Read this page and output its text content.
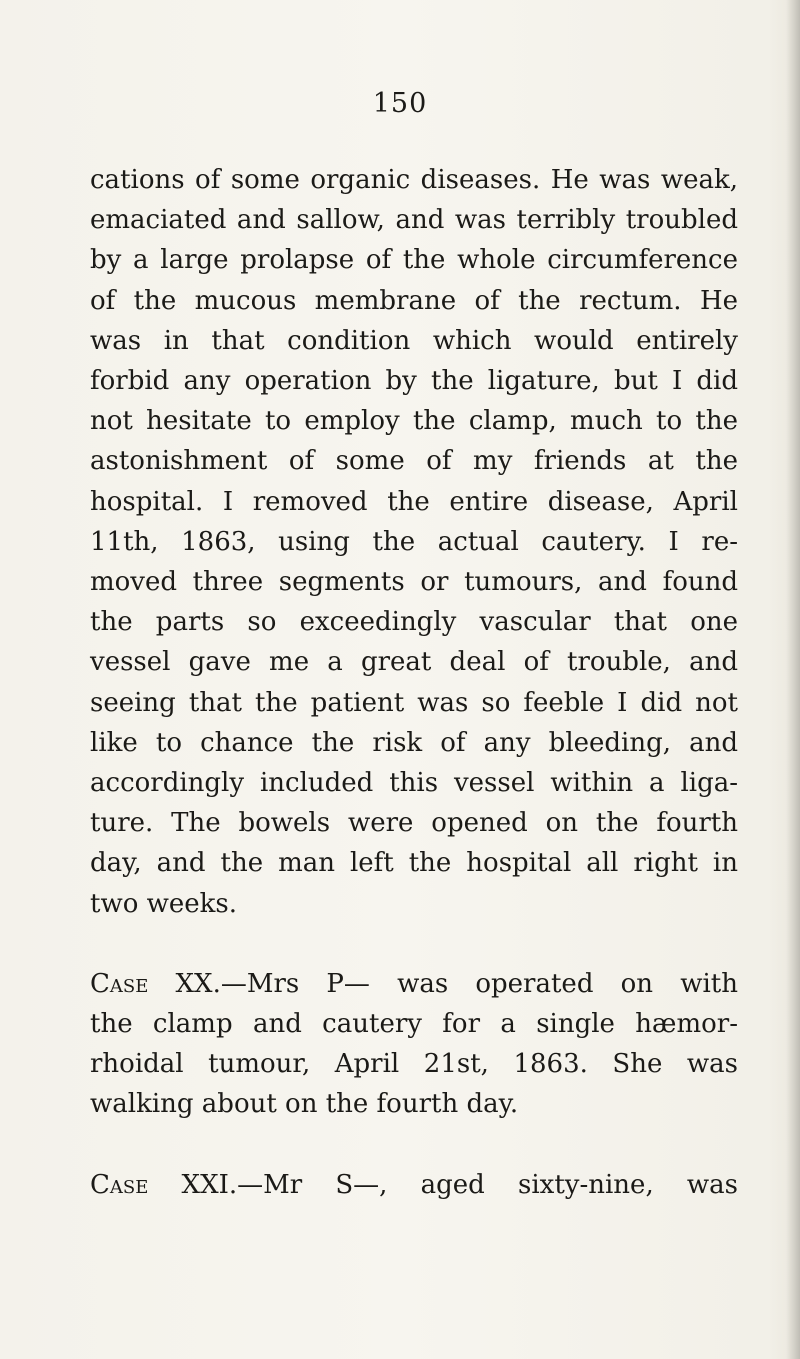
150
cations of some organic diseases. He was weak,
emaciated and sallow, and was terribly troubled
by a large prolapse of the whole circumference
of the mucous membrane of the rectum. He
was in that condition which would entirely
forbid any operation by the ligature, but I did
not hesitate to employ the clamp, much to the
astonishment of some of my friends at the
hospital. I removed the entire disease, April
11th, 1863, using the actual cautery. I re-
moved three segments or tumours, and found
the parts so exceedingly vascular that one
vessel gave me a great deal of trouble, and
seeing that the patient was so feeble I did not
like to chance the risk of any bleeding, and
accordingly included this vessel within a liga-
ture. The bowels were opened on the fourth
day, and the man left the hospital all right in
two weeks.
Case XX.—Mrs P— was operated on with
the clamp and cautery for a single hæmor-
rhoidal tumour, April 21st, 1863. She was
walking about on the fourth day.
Case XXI.—Mr S—, aged sixty-nine, was
